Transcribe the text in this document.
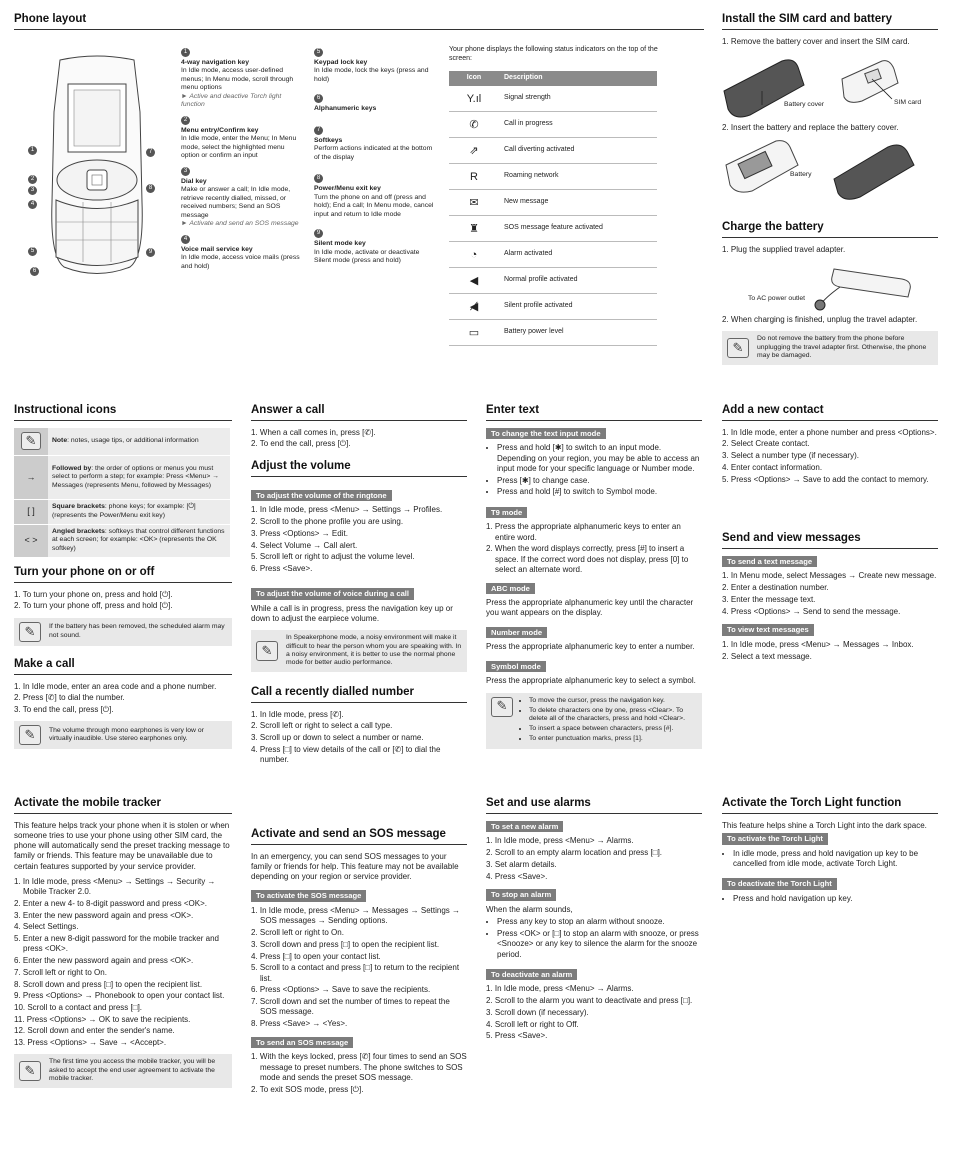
Phone layout
1
2
3
4
5
6
7
8
9
1
4-way navigation key
In Idle mode, access user-defined menus; In Menu mode, scroll through menu options
► Active and deactive Torch light function
2
Menu entry/Confirm key
In Idle mode, enter the Menu; In Menu mode, select the highlighted menu option or confirm an input
3
Dial key
Make or answer a call; In Idle mode, retrieve recently dialled, missed, or received numbers; Send an SOS message
► Activate and send an SOS message
4
Voice mail service key
In Idle mode, access voice mails (press and hold)
5
Keypad lock key
In Idle mode, lock the keys (press and hold)
6
Alphanumeric keys
7
Softkeys
Perform actions indicated at the bottom of the display
8
Power/Menu exit key
Turn the phone on and off (press and hold); End a call; In Menu mode, cancel input and return to Idle mode
9
Silent mode key
In Idle mode, activate or deactivate Silent mode (press and hold)

Your phone displays the following status indicators on the top of the screen:

Icon	Description
Y.ıl	Signal strength
✆	Call in progress
⇗	Call diverting activated
R	Roaming network
✉	New message
♜	SOS message feature activated
◔	Alarm activated
◀	Normal profile activated
◀̸	Silent profile activated
▭	Battery power level
Install the SIM card and battery

1. Remove the battery cover and insert the SIM card.

Battery cover	SIM card

2. Insert the battery and replace the battery cover.

Battery
Charge the battery

1. Plug the supplied travel adapter.

To AC power outlet

2. When charging is finished, unplug the travel adapter.

✎
Do not remove the battery from the phone before unplugging the travel adapter first. Otherwise, the phone may be damaged.
Instructional icons
✎	Note: notes, usage tips, or additional information
→	Followed by: the order of options or menus you must select to perform a step; for example: Press <Menu> → Messages (represents Menu, followed by Messages)
[ ]	Square brackets: phone keys; for example: [⏻] (represents the Power/Menu exit key)
< >	Angled brackets: softkeys that control different functions at each screen; for example: <OK> (represents the OK softkey)
Turn your phone on or off

1. To turn your phone on, press and hold [⏻].

2. To turn your phone off, press and hold [⏻].

✎	If the battery has been removed, the scheduled alarm may not sound.
Make a call

1. In Idle mode, enter an area code and a phone number.

2. Press [✆] to dial the number.

3. To end the call, press [⏻].

✎	The volume through mono earphones is very low or virtually inaudible. Use stereo earphones only.
Activate the mobile tracker

This feature helps track your phone when it is stolen or when someone tries to use your phone using other SIM card, the phone will automatically send the preset tracking message to family or friends. This feature may be unavailable due to certain features supported by your service provider.

1. In Idle mode, press <Menu> → Settings → Security → Mobile Tracker 2.0.

2. Enter a new 4- to 8-digit password and press <OK>.

3. Enter the new password again and press <OK>.

4. Select Settings.

5. Enter a new 8-digit password for the mobile tracker and press <OK>.

6. Enter the new password again and press <OK>.

7. Scroll left or right to On.

8. Scroll down and press [□] to open the recipient list.

9. Press <Options> → Phonebook to open your contact list.

10. Scroll to a contact and press [□].

11. Press <Options> → OK to save the recipients.

12. Scroll down and enter the sender's name.

13. Press <Options> → Save → <Accept>.

✎
The first time you access the mobile tracker, you will be asked to accept the end user agreement to activate the mobile tracker.
Answer a call

1. When a call comes in, press [✆].

2. To end the call, press [⏻].

Adjust the volume
To adjust the volume of the ringtone

1. In Idle mode, press <Menu> → Settings → Profiles.

2. Scroll to the phone profile you are using.

3. Press <Options> → Edit.

4. Select Volume → Call alert.

5. Scroll left or right to adjust the volume level.

6. Press <Save>.

To adjust the volume of voice during a call

While a call is in progress, press the navigation key up or down to adjust the earpiece volume.

✎
In Speakerphone mode, a noisy environment will make it difficult to hear the person whom you are speaking with. In a noisy environment, it is better to use the normal phone mode for better audio performance.
Call a recently dialled number

1. In Idle mode, press [✆].

2. Scroll left or right to select a call type.

3. Scroll up or down to select a number or name.

4. Press [□] to view details of the call or [✆] to dial the number.

Activate and send an SOS message

In an emergency, you can send SOS messages to your family or friends for help. This feature may not be available depending on your region or service provider.

To activate the SOS message

1. In Idle mode, press <Menu> → Messages → Settings → SOS messages → Sending options.

2. Scroll left or right to On.

3. Scroll down and press [□] to open the recipient list.

4. Press [□] to open your contact list.

5. Scroll to a contact and press [□] to return to the recipient list.

6. Press <Options> → Save to save the recipients.

7. Scroll down and set the number of times to repeat the SOS message.

8. Press <Save> → <Yes>.

To send an SOS message

1. With the keys locked, press [✆] four times to send an SOS message to preset numbers. The phone switches to SOS mode and sends the preset SOS message.

2. To exit SOS mode, press [⏻].

Enter text
To change the text input mode
• Press and hold [✱] to switch to an input mode. Depending on your region, you may be able to access an input mode for your specific language or Number mode.
• Press [✱] to change case.
• Press and hold [#] to switch to Symbol mode.
T9 mode

1. Press the appropriate alphanumeric keys to enter an entire word.

2. When the word displays correctly, press [#] to insert a space. If the correct word does not display, press [0] to select an alternate word.

ABC mode

Press the appropriate alphanumeric key until the character you want appears on the display.

Number mode

Press the appropriate alphanumeric key to enter a number.

Symbol mode

Press the appropriate alphanumeric key to select a symbol.

✎	• To move the cursor, press the navigation key.
• To delete characters one by one, press <Clear>. To delete all of the characters, press and hold <Clear>.
• To insert a space between characters, press [#].
• To enter punctuation marks, press [1].
Set and use alarms
To set a new alarm

1. In Idle mode, press <Menu> → Alarms.

2. Scroll to an empty alarm location and press [□].

3. Set alarm details.

4. Press <Save>.

To stop an alarm

When the alarm sounds,

• Press any key to stop an alarm without snooze.
• Press <OK> or [□] to stop an alarm with snooze, or press <Snooze> or any key to silence the alarm for the snooze period.
To deactivate an alarm

1. In Idle mode, press <Menu> → Alarms.

2. Scroll to the alarm you want to deactivate and press [□].

3. Scroll down (if necessary).

4. Scroll left or right to Off.

5. Press <Save>.

Add a new contact

1. In Idle mode, enter a phone number and press <Options>.

2. Select Create contact.

3. Select a number type (if necessary).

4. Enter contact information.

5. Press <Options> → Save to add the contact to memory.

Send and view messages
To send a text message

1. In Menu mode, select Messages → Create new message.

2. Enter a destination number.

3. Enter the message text.

4. Press <Options> → Send to send the message.

To view text messages

1. In Idle mode, press <Menu> → Messages → Inbox.

2. Select a text message.

Activate the Torch Light function

This feature helps shine a Torch Light into the dark space.

To activate the Torch Light
• In idle mode, press and hold navigation up key to be cancelled from idle mode, activate Torch Light.
To deactivate the Torch Light
• Press and hold navigation up key.
